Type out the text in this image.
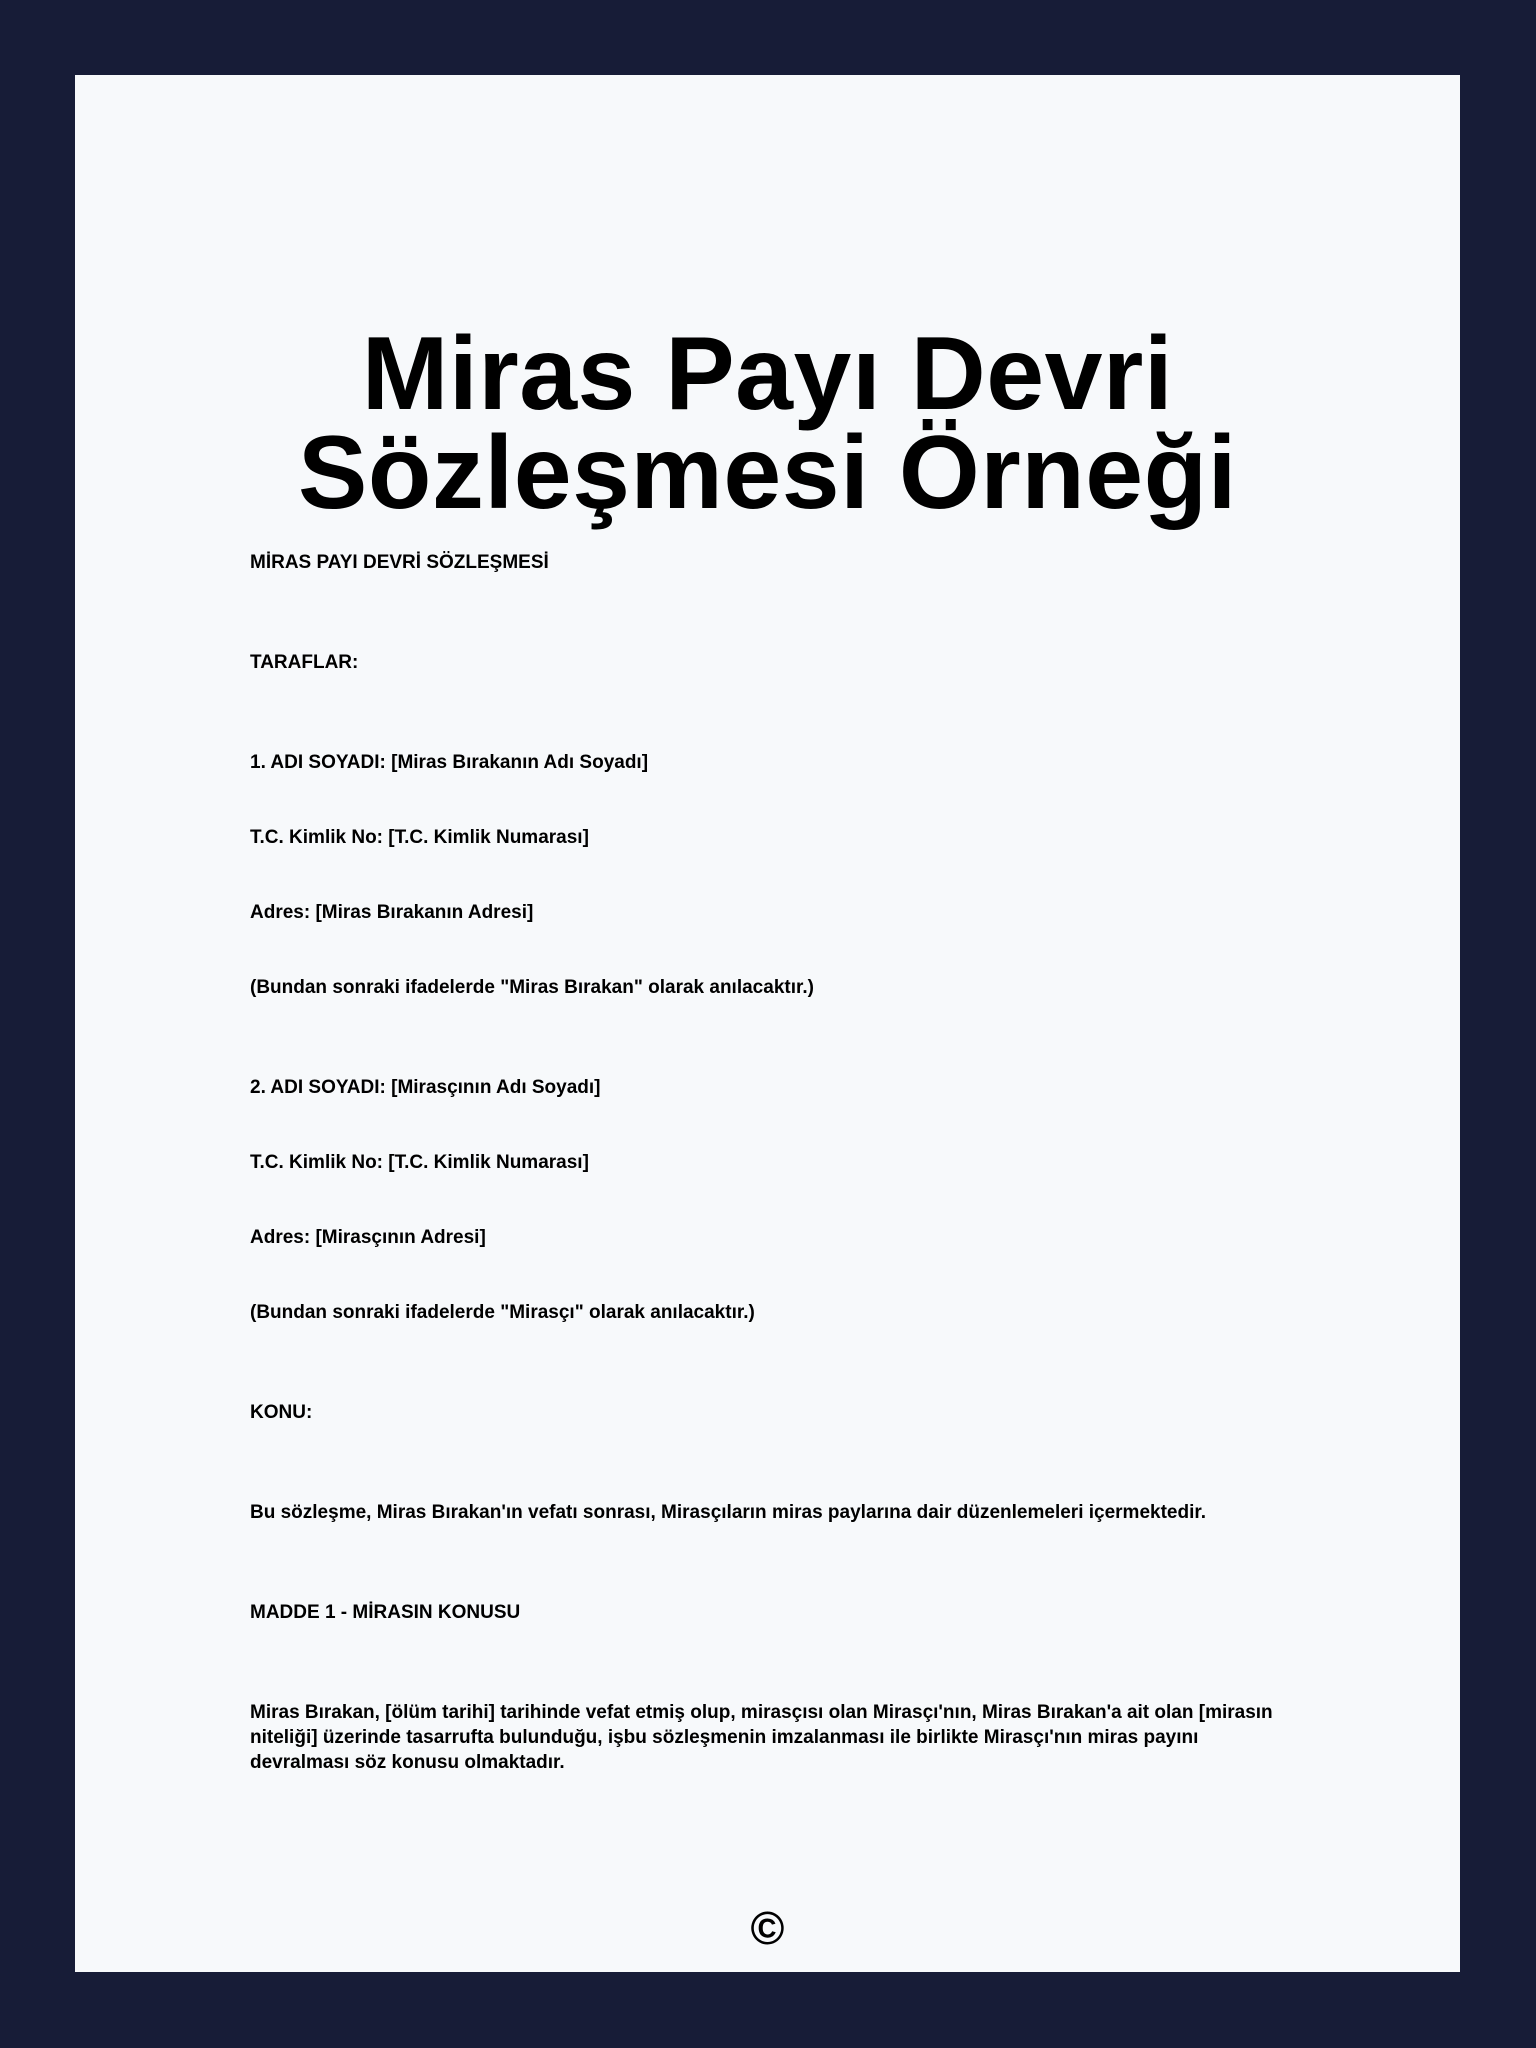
Miras Payı Devri Sözleşmesi Örneği
MİRAS PAYI DEVRİ SÖZLEŞMESİ
TARAFLAR:
1. ADI SOYADI: [Miras Bırakanın Adı Soyadı]
T.C. Kimlik No: [T.C. Kimlik Numarası]
Adres: [Miras Bırakanın Adresi]
(Bundan sonraki ifadelerde "Miras Bırakan" olarak anılacaktır.)
2. ADI SOYADI: [Mirasçının Adı Soyadı]
T.C. Kimlik No: [T.C. Kimlik Numarası]
Adres: [Mirasçının Adresi]
(Bundan sonraki ifadelerde "Mirasçı" olarak anılacaktır.)
KONU:
Bu sözleşme, Miras Bırakan'ın vefatı sonrası, Mirasçıların miras paylarına dair düzenlemeleri içermektedir.
MADDE 1 - MİRASIN KONUSU
Miras Bırakan, [ölüm tarihi] tarihinde vefat etmiş olup, mirasçısı olan Mirasçı'nın, Miras Bırakan'a ait olan [mirasın niteliği] üzerinde tasarrufta bulunduğu, işbu sözleşmenin imzalanması ile birlikte Mirasçı'nın miras payını devralması söz konusu olmaktadır.
©
